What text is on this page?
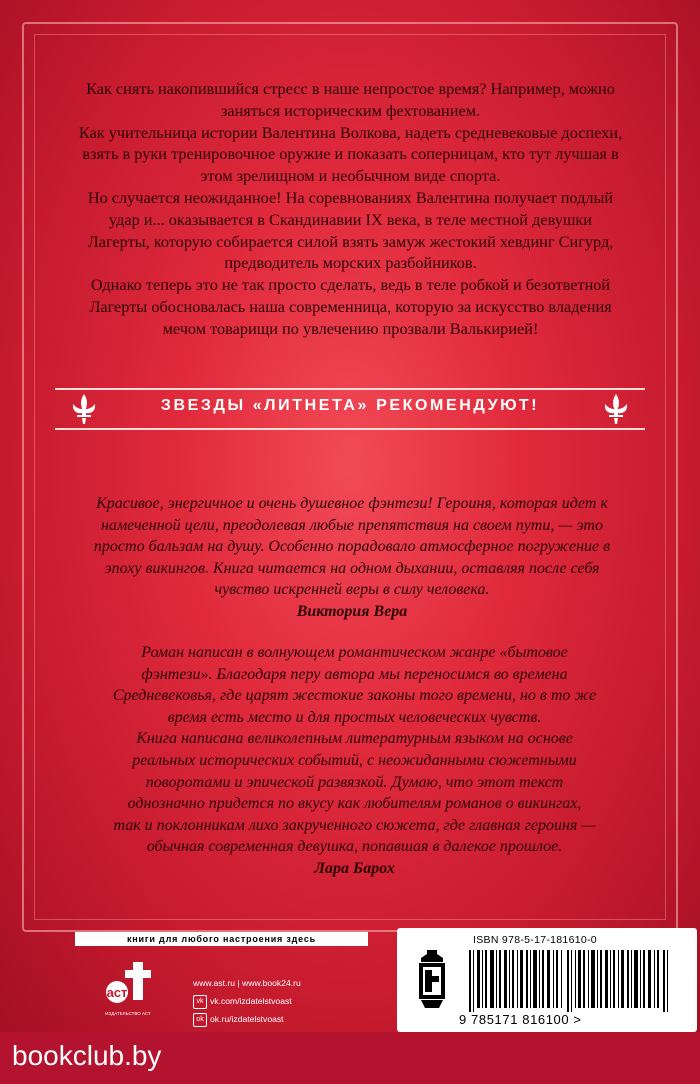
Как снять накопившийся стресс в наше непростое время? Например, можно заняться историческим фехтованием.

Как учительница истории Валентина Волкова, надеть средневековые доспехи, взять в руки тренировочное оружие и показать соперницам, кто тут лучшая в этом зрелищном и необычном виде спорта.

Но случается неожиданное! На соревнованиях Валентина получает подлый удар и... оказывается в Скандинавии IX века, в теле местной девушки Лагерты, которую собирается силой взять замуж жестокий хевдинг Сигурд, предводитель морских разбойников.

Однако теперь это не так просто сделать, ведь в теле робкой и безответной Лагерты обосновалась наша современница, которую за искусство владения мечом товарищи по увлечению прозвали Валькирией!

ЗВЕЗДЫ «ЛИТНЕТА» РЕКОМЕНДУЮТ!

Красивое, энергичное и очень душевное фэнтези! Героиня, которая идет к намеченной цели, преодолевая любые препятствия на своем пути, — это просто бальзам на душу. Особенно порадовало атмосферное погружение в эпоху викингов. Книга читается на одном дыхании, оставляя после себя чувство искренней веры в силу человека.

Виктория Вера

Роман написан в волнующем романтическом жанре «бытовое фэнтези». Благодаря перу автора мы переносимся во времена Средневековья, где царят жестокие законы того времени, но в то же время есть место и для простых человеческих чувств.

Книга написана великолепным литературным языком на основе реальных исторических событий, с неожиданными сюжетными поворотами и эпической развязкой. Думаю, что этот текст однозначно придется по вкусу как любителям романов о викингах, так и поклонникам лихо закрученного сюжета, где главная героиня — обычная современная девушка, попавшая в далекое прошлое.

Лара Барох

книги для любого настроения здесь
аст
ИЗДАТЕЛЬСТВО АСТ
www.ast.ru | www.book24.ru
vk vk.com/izdatelstvoast
ok ok.ru/izdatelstvoast
ISBN 978-5-17-181610-0
9 785171 816100 >
bookclub.by
